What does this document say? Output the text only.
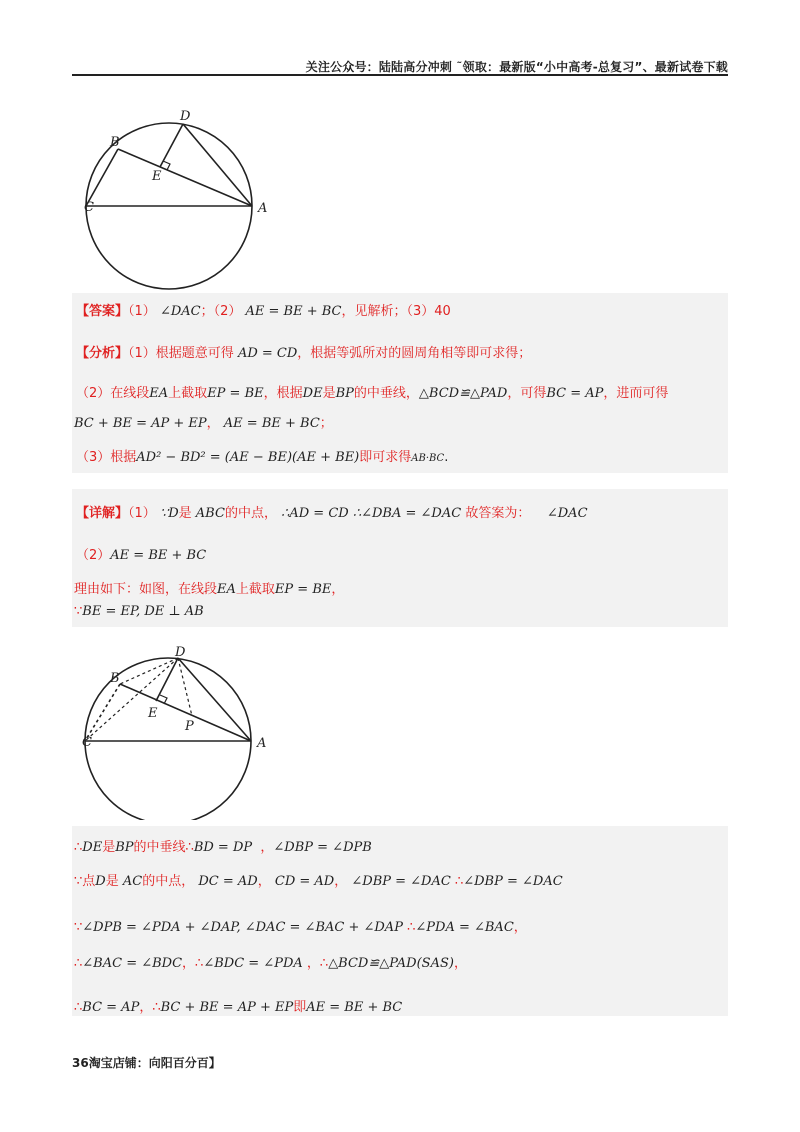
关注公众号：陆陆高分冲刺 ˜领取：最新版“小中高考-总复习”、最新试卷下载
D
B
E
C	A
【答案】（1） ∠DAC；（2） AE = BE + BC，见解析；（3）40
【分析】（1）根据题意可得 AD = CD，根据等弧所对的圆周角相等即可求得；
（2）在线段EA上截取EP = BE，根据DE是BP的中垂线，△BCD≌△PAD，可得BC = AP，进而可得
BC + BE = AP + EP， AE = BE + BC；
（3）根据AD² − BD² = (AE − BE)(AE + BE)即可求得AB·BC.
【详解】（1） ∵D是 ABC的中点， ∴AD = CD ∴∠DBA = ∠DAC 故答案为： ∠DAC
（2）AE = BE + BC
理由如下：如图，在线段EA上截取EP = BE，
∵BE = EP, DE ⊥ AB
D
B
E
P
C	A
∴DE是BP的中垂线∴BD = DP ，∠DBP = ∠DPB
∵点D是 AC的中点， DC = AD， CD = AD， ∠DBP = ∠DAC ∴∠DBP = ∠DAC
∵∠DPB = ∠PDA + ∠DAP, ∠DAC = ∠BAC + ∠DAP ∴∠PDA = ∠BAC，
∴∠BAC = ∠BDC，∴∠BDC = ∠PDA ，∴△BCD≌△PAD(SAS)，
∴BC = AP，∴BC + BE = AP + EP即AE = BE + BC
36淘宝店铺：向阳百分百】
